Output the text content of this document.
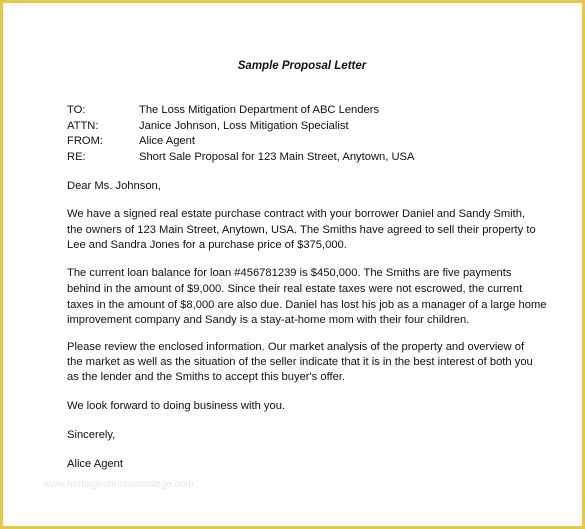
Sample Proposal Letter
TO:	The Loss Mitigation Department of ABC Lenders
ATTN:	Janice Johnson, Loss Mitigation Specialist
FROM:	Alice Agent
RE:	Short Sale Proposal for 123 Main Street, Anytown, USA
Dear Ms. Johnson,
We have a signed real estate purchase contract with your borrower Daniel and Sandy Smith,
the owners of 123 Main Street, Anytown, USA. The Smiths have agreed to sell their property to
Lee and Sandra Jones for a purchase price of $375,000.
The current loan balance for loan #456781239 is $450,000. The Smiths are five payments
behind in the amount of $9,000. Since their real estate taxes were not escrowed, the current
taxes in the amount of $8,000 are also due. Daniel has lost his job as a manager of a large home
improvement company and Sandy is a stay-at-home mom with their four children.
Please review the enclosed information. Our market analysis of the property and overview of
the market as well as the situation of the seller indicate that it is in the best interest of both you
as the lender and the Smiths to accept this buyer's offer.
We look forward to doing business with you.
Sincerely,
Alice Agent
www.heritagechristiancollege.com
